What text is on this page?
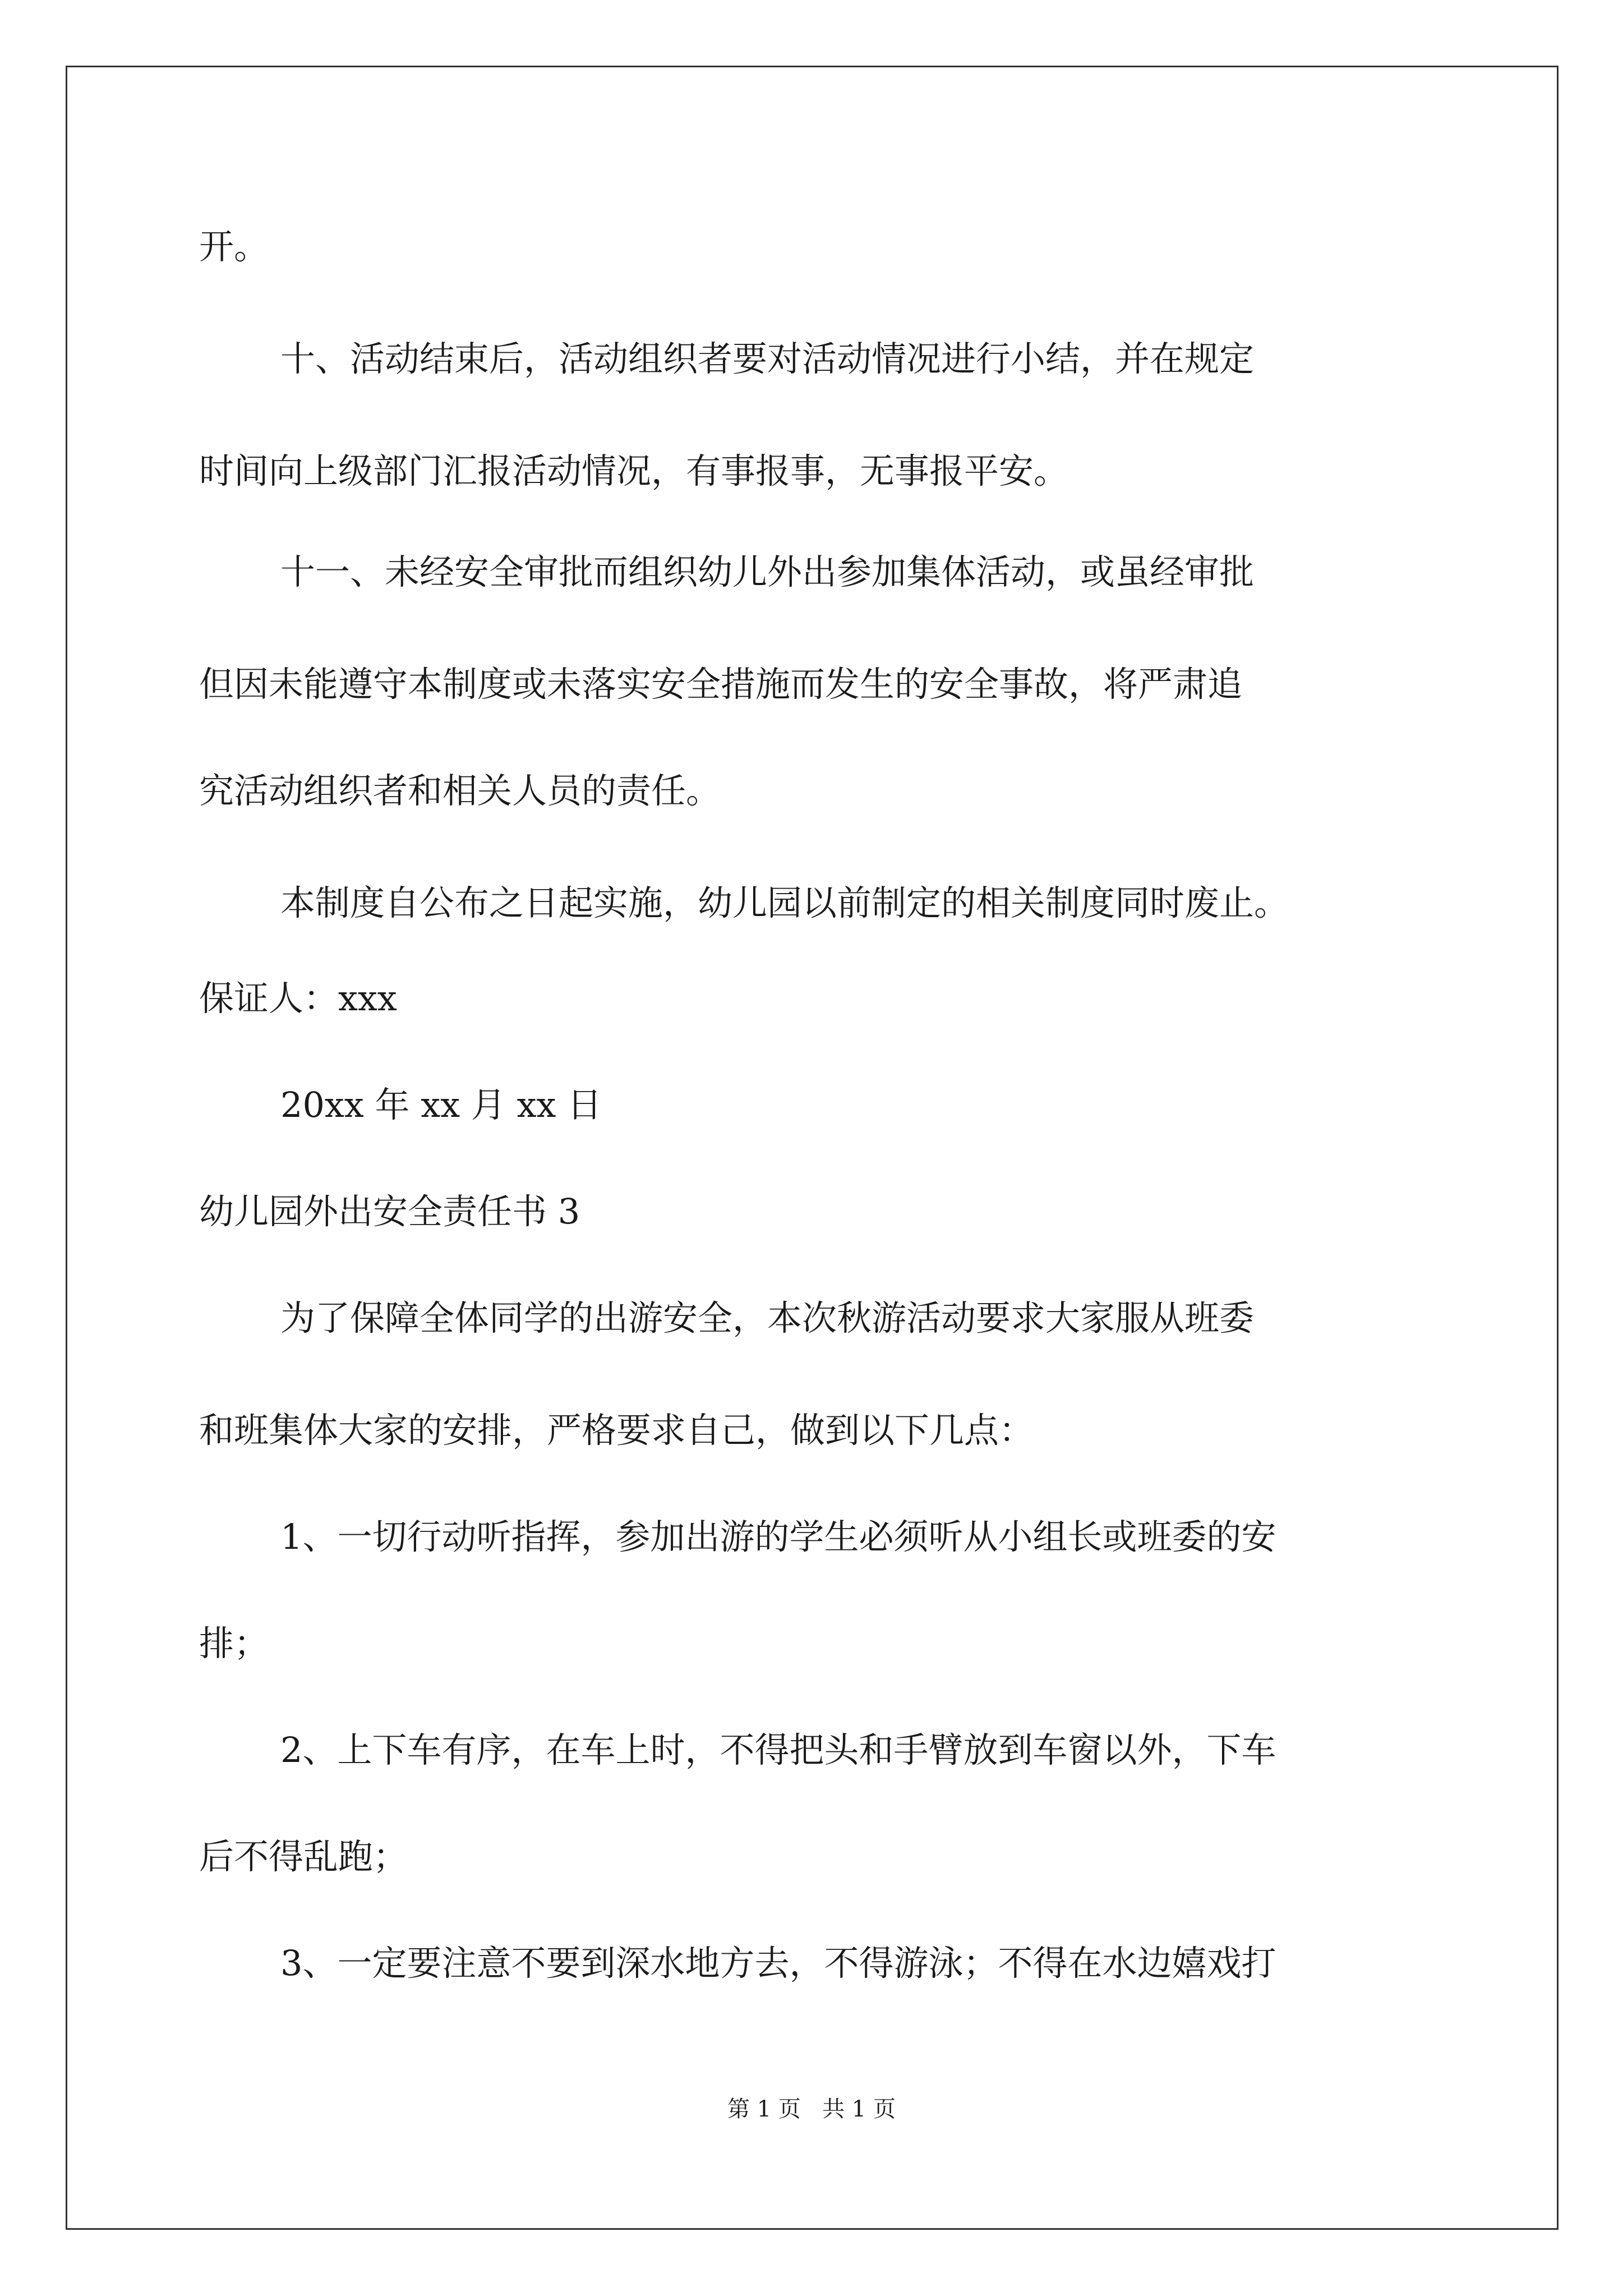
开。
十、活动结束后，活动组织者要对活动情况进行小结，并在规定
时间向上级部门汇报活动情况，有事报事，无事报平安。
十一、未经安全审批而组织幼儿外出参加集体活动，或虽经审批
但因未能遵守本制度或未落实安全措施而发生的安全事故，将严肃追
究活动组织者和相关人员的责任。
本制度自公布之日起实施，幼儿园以前制定的相关制度同时废止。
保证人：xxx
20xx 年 xx 月 xx 日
幼儿园外出安全责任书 3
为了保障全体同学的出游安全，本次秋游活动要求大家服从班委
和班集体大家的安排，严格要求自己，做到以下几点：
1、一切行动听指挥，参加出游的学生必须听从小组长或班委的安
排；
2、上下车有序，在车上时，不得把头和手臂放到车窗以外，下车
后不得乱跑；
3、一定要注意不要到深水地方去，不得游泳；不得在水边嬉戏打
第 1 页   共 1 页
